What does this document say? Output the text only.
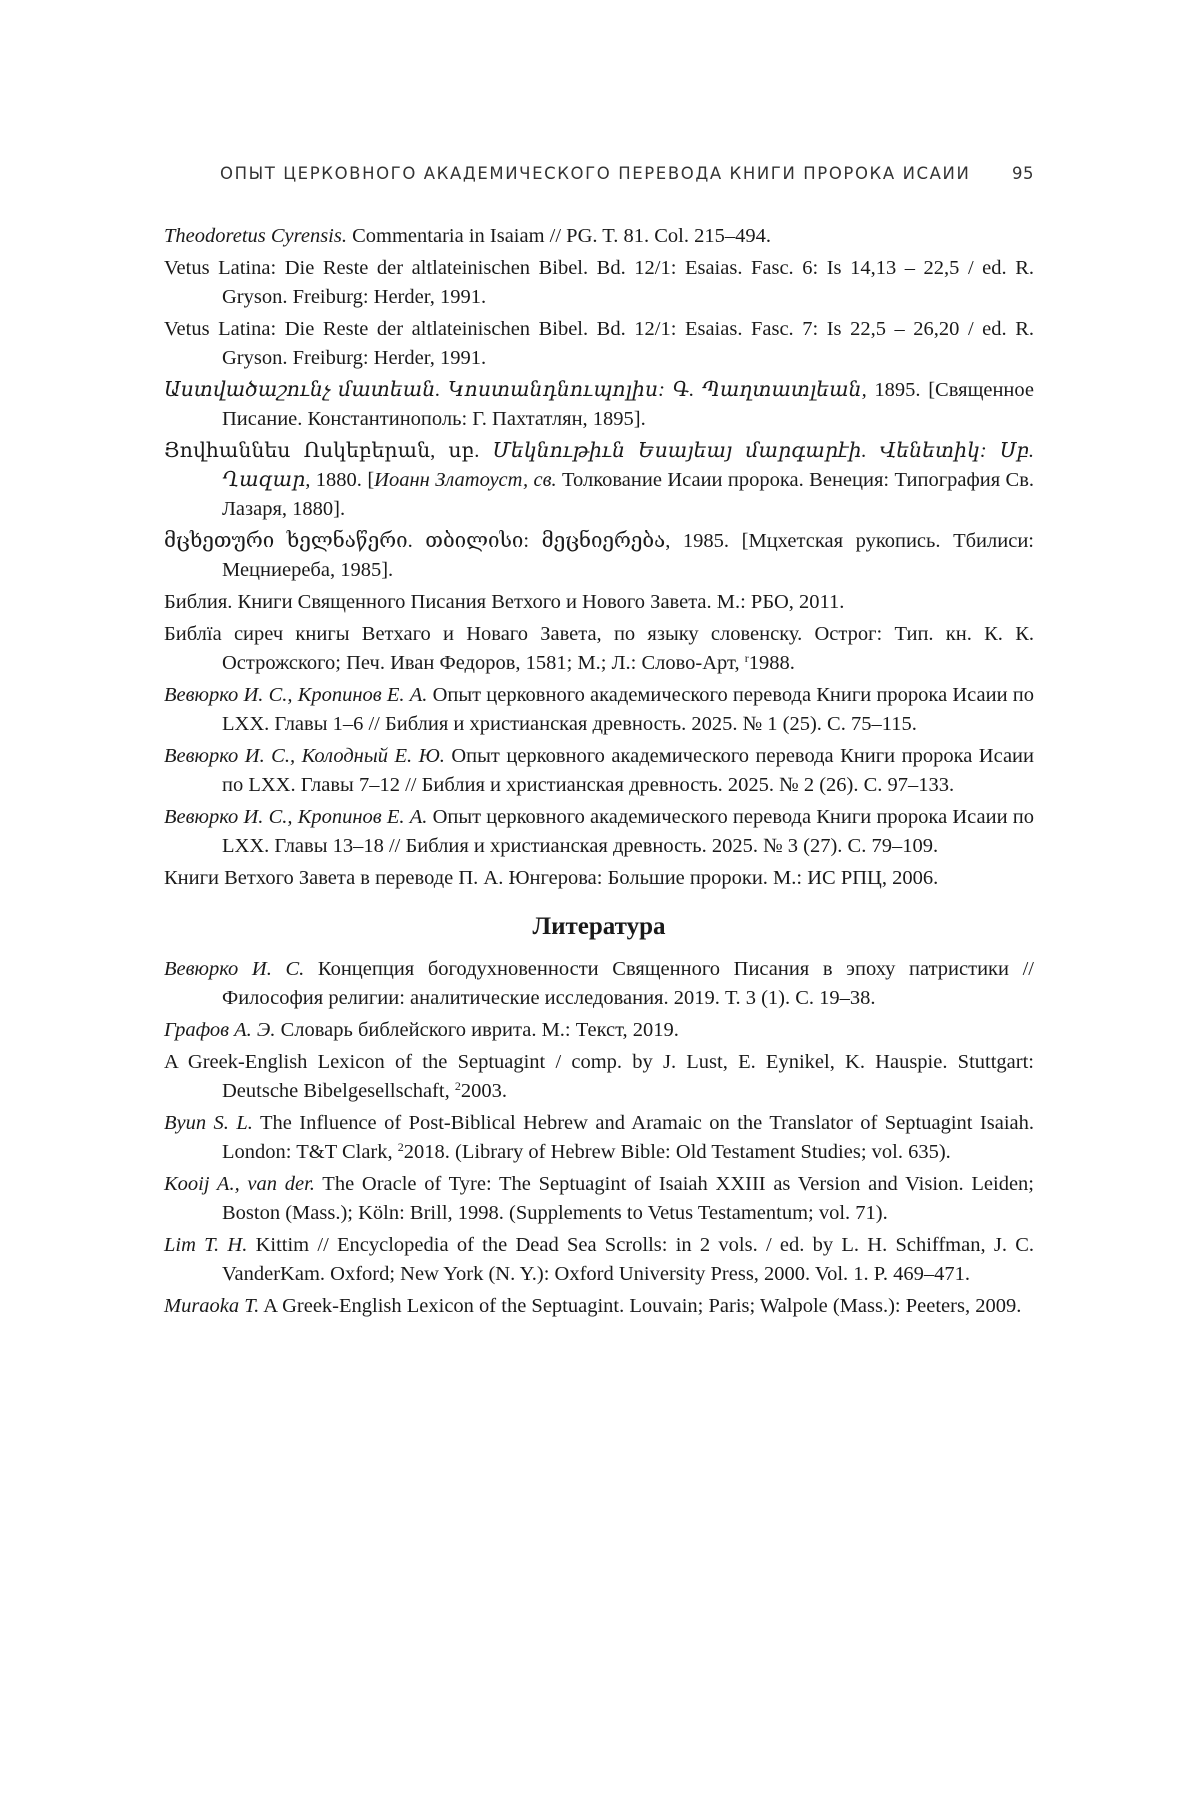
ОПЫТ ЦЕРКОВНОГО АКАДЕМИЧЕСКОГО ПЕРЕВОДА КНИГИ ПРОРОКА ИСАИИ	95
Theodoretus Cyrensis. Commentaria in Isaiam // PG. T. 81. Col. 215–494.
Vetus Latina: Die Reste der altlateinischen Bibel. Bd. 12/1: Esaias. Fasc. 6: Is 14,13 – 22,5 / ed. R. Gryson. Freiburg: Herder, 1991.
Vetus Latina: Die Reste der altlateinischen Bibel. Bd. 12/1: Esaias. Fasc. 7: Is 22,5 – 26,20 / ed. R. Gryson. Freiburg: Herder, 1991.
Աստվածաշունչ մատեան. Կոստանդնուպոլիս: Գ. Պաղտատլեան, 1895. [Священное Писание. Константинополь: Г. Пахтатлян, 1895].
Յովհաննես Ոսկեբերան, սբ. Մեկնութիւն Եսայեայ մարգարէի. Վենետիկ: Սբ. Ղազար, 1880. [Иоанн Златоуст, св. Толкование Исаии пророка. Венеция: Типография Св. Лазаря, 1880].
მცხეთური ხელნაწერი. თბილისი: მეცნიერება, 1985. [Мцхетская рукопись. Тбилиси: Мецниереба, 1985].
Библия. Книги Священного Писания Ветхого и Нового Завета. М.: РБО, 2011.
Библїа сиреч книгы Ветхаго и Новаго Завета, по языку словенску. Острог: Тип. кн. К. К. Острожского; Печ. Иван Федоров, 1581; М.; Л.: Слово-Арт, $^r$1988.
Вевюрко И. С., Кропинов Е. А. Опыт церковного академического перевода Книги пророка Исаии по LXX. Главы 1–6 // Библия и христианская древность. 2025. № 1 (25). С. 75–115.
Вевюрко И. С., Колодный Е. Ю. Опыт церковного академического перевода Книги пророка Исаии по LXX. Главы 7–12 // Библия и христианская древность. 2025. № 2 (26). С. 97–133.
Вевюрко И. С., Кропинов Е. А. Опыт церковного академического перевода Книги пророка Исаии по LXX. Главы 13–18 // Библия и христианская древность. 2025. № 3 (27). С. 79–109.
Книги Ветхого Завета в переводе П. А. Юнгерова: Большие пророки. М.: ИС РПЦ, 2006.
Литература
Вевюрко И. С. Концепция богодухновенности Священного Писания в эпоху патристики // Философия религии: аналитические исследования. 2019. Т. 3 (1). С. 19–38.
Графов А. Э. Словарь библейского иврита. М.: Текст, 2019.
A Greek-English Lexicon of the Septuagint / comp. by J. Lust, E. Eynikel, K. Hauspie. Stuttgart: Deutsche Bibelgesellschaft, $^2$2003.
Byun S. L. The Influence of Post-Biblical Hebrew and Aramaic on the Translator of Septuagint Isaiah. London: T&T Clark, $^2$2018. (Library of Hebrew Bible: Old Testament Studies; vol. 635).
Kooij A., van der. The Oracle of Tyre: The Septuagint of Isaiah XXIII as Version and Vision. Leiden; Boston (Mass.); Köln: Brill, 1998. (Supplements to Vetus Testamentum; vol. 71).
Lim T. H. Kittim // Encyclopedia of the Dead Sea Scrolls: in 2 vols. / ed. by L. H. Schiffman, J. C. VanderKam. Oxford; New York (N. Y.): Oxford University Press, 2000. Vol. 1. P. 469–471.
Muraoka T. A Greek-English Lexicon of the Septuagint. Louvain; Paris; Walpole (Mass.): Peeters, 2009.
